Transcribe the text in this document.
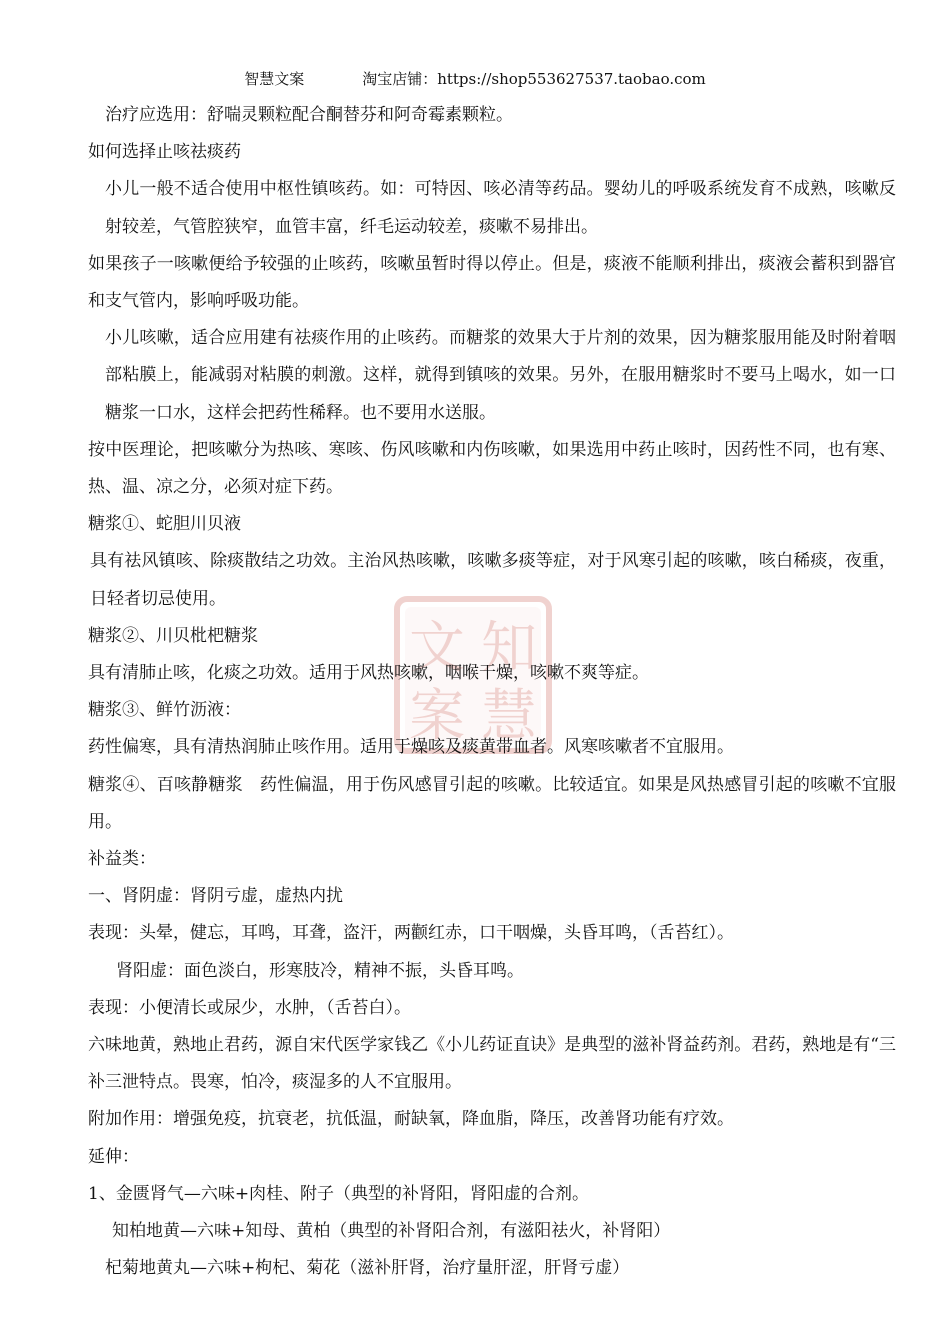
智慧文案	淘宝店铺：https://shop553627537.taobao.com
文 知
案 慧

治疗应选用：舒喘灵颗粒配合酮替芬和阿奇霉素颗粒。

如何选择止咳祛痰药

小儿一般不适合使用中枢性镇咳药。如：可特因、咳必清等药品。婴幼儿的呼吸系统发育不成熟，咳嗽反射较差，气管腔狭窄，血管丰富，纤毛运动较差，痰嗽不易排出。

如果孩子一咳嗽便给予较强的止咳药，咳嗽虽暂时得以停止。但是，痰液不能顺利排出，痰液会蓄积到器官和支气管内，影响呼吸功能。

小儿咳嗽，适合应用建有祛痰作用的止咳药。而糖浆的效果大于片剂的效果，因为糖浆服用能及时附着咽部粘膜上，能减弱对粘膜的刺激。这样，就得到镇咳的效果。另外，在服用糖浆时不要马上喝水，如一口糖浆一口水，这样会把药性稀释。也不要用水送服。

按中医理论，把咳嗽分为热咳、寒咳、伤风咳嗽和内伤咳嗽，如果选用中药止咳时，因药性不同，也有寒、热、温、凉之分，必须对症下药。

糖浆①、蛇胆川贝液

具有祛风镇咳、除痰散结之功效。主治风热咳嗽，咳嗽多痰等症，对于风寒引起的咳嗽，咳白稀痰，夜重，日轻者切忌使用。

糖浆②、川贝枇杷糖浆

具有清肺止咳，化痰之功效。适用于风热咳嗽，咽喉干燥，咳嗽不爽等症。

糖浆③、鲜竹沥液：

药性偏寒，具有清热润肺止咳作用。适用于燥咳及痰黄带血者。风寒咳嗽者不宜服用。

糖浆④、百咳静糖浆　药性偏温，用于伤风感冒引起的咳嗽。比较适宜。如果是风热感冒引起的咳嗽不宜服用。

补益类：

一、肾阴虚：肾阴亏虚，虚热内扰

表现：头晕，健忘，耳鸣，耳聋，盗汗，两颧红赤，口干咽燥，头昏耳鸣，（舌苔红）。

肾阳虚：面色淡白，形寒肢冷，精神不振，头昏耳鸣。

表现：小便清长或尿少，水肿，（舌苔白）。

六味地黄，熟地止君药，源自宋代医学家钱乙《小儿药证直诀》是典型的滋补肾益药剂。君药，熟地是有“三补三泄特点。畏寒，怕冷，痰湿多的人不宜服用。

附加作用：增强免疫，抗衰老，抗低温，耐缺氧，降血脂，降压，改善肾功能有疗效。

延伸：

1、金匮肾气—六味+肉桂、附子（典型的补肾阳，肾阳虚的合剂。

知柏地黄—六味+知母、黄柏（典型的补肾阳合剂，有滋阳祛火，补肾阳）

杞菊地黄丸—六味+枸杞、菊花（滋补肝肾，治疗量肝涩，肝肾亏虚）
